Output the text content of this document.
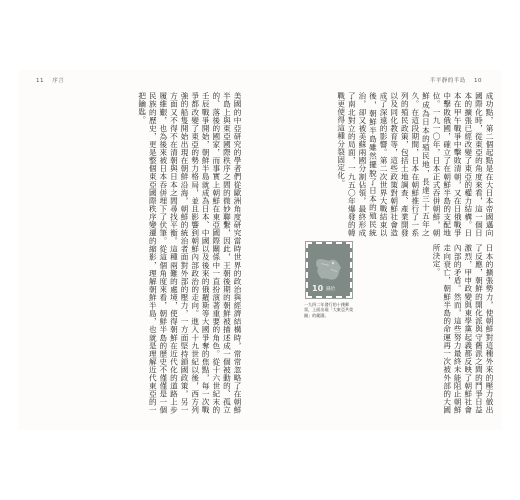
11 序言	半平靜的半島 10
美國的中亞研究的學者們從歐洲角度研究當時世界的政治與經濟結構時，常常忽略了在朝鮮半島上與東亞國際秩序之間的微妙聯繫，因此，王朝後期的朝鮮被描述成一個被動的、孤立的、落後的國家，而事實上朝鮮在東亞國際關係中一直扮演著重要的角色。從十六世紀末的壬辰戰爭開始，朝鮮半島就成為日本、中國以及後來的俄羅斯等大國爭奪的焦點，每一次戰爭都改變了東亞的勢力格局，並且影響到朝鮮內部政治的走向。進入十九世紀以後，西方列強的船隻開始出現在朝鮮沿海，朝鮮的統治者面對外部的壓力，一方面堅持鎖國政策，另一方面又不得不在清朝與日本之間尋找平衡。這種兩難的處境，使得朝鮮在近代化的道路上步履維艱，也為後來被日本吞併埋下了伏筆。從這個角度來看，朝鮮半島的歷史不僅僅是一個民族的歷史，更是整個東亞國際秩序變遷的縮影，理解朝鮮半島，也就是理解近代東亞的一把鑰匙。	成功點，第二個起點是在大日本帝國邁向國際化時，從東亞的角度來看，這一個日本的擴張已經改變了東亞的權力結構。日本在甲午戰爭中擊敗清朝，又在日俄戰爭中擊敗俄國，確立了在朝鮮半島的支配地位。一九一〇年，日本正式吞併朝鮮，朝鮮成為日本的殖民地，長達三十五年之久。在這段期間，日本在朝鮮推行了一系列的殖民政策，包括土地調查、產業開發以及同化教育等，這些政策對朝鮮社會造成了深遠的影響。第二次世界大戰結束以後，朝鮮半島雖然擺脫了日本的殖民統治，卻又被美蘇兩國分割佔領，最終形成了南北對立的局面，一九五〇年爆發的韓戰更使得這種分裂固定化。
日本的擴張勢力，使朝鮮對這種外來的壓力做出了反應，朝鮮的開化派與守舊派之間的鬥爭日益激烈，甲申政變與東學黨起義都反映了朝鮮社會內部的矛盾。然而，這些努力最終未能阻止朝鮮走向衰亡，朝鮮半島的命運再一次被外部的大國所決定。
10 錢拾
一九四二年發行的十錢郵票，上面出現「大東亞共榮圈」的範圍。
